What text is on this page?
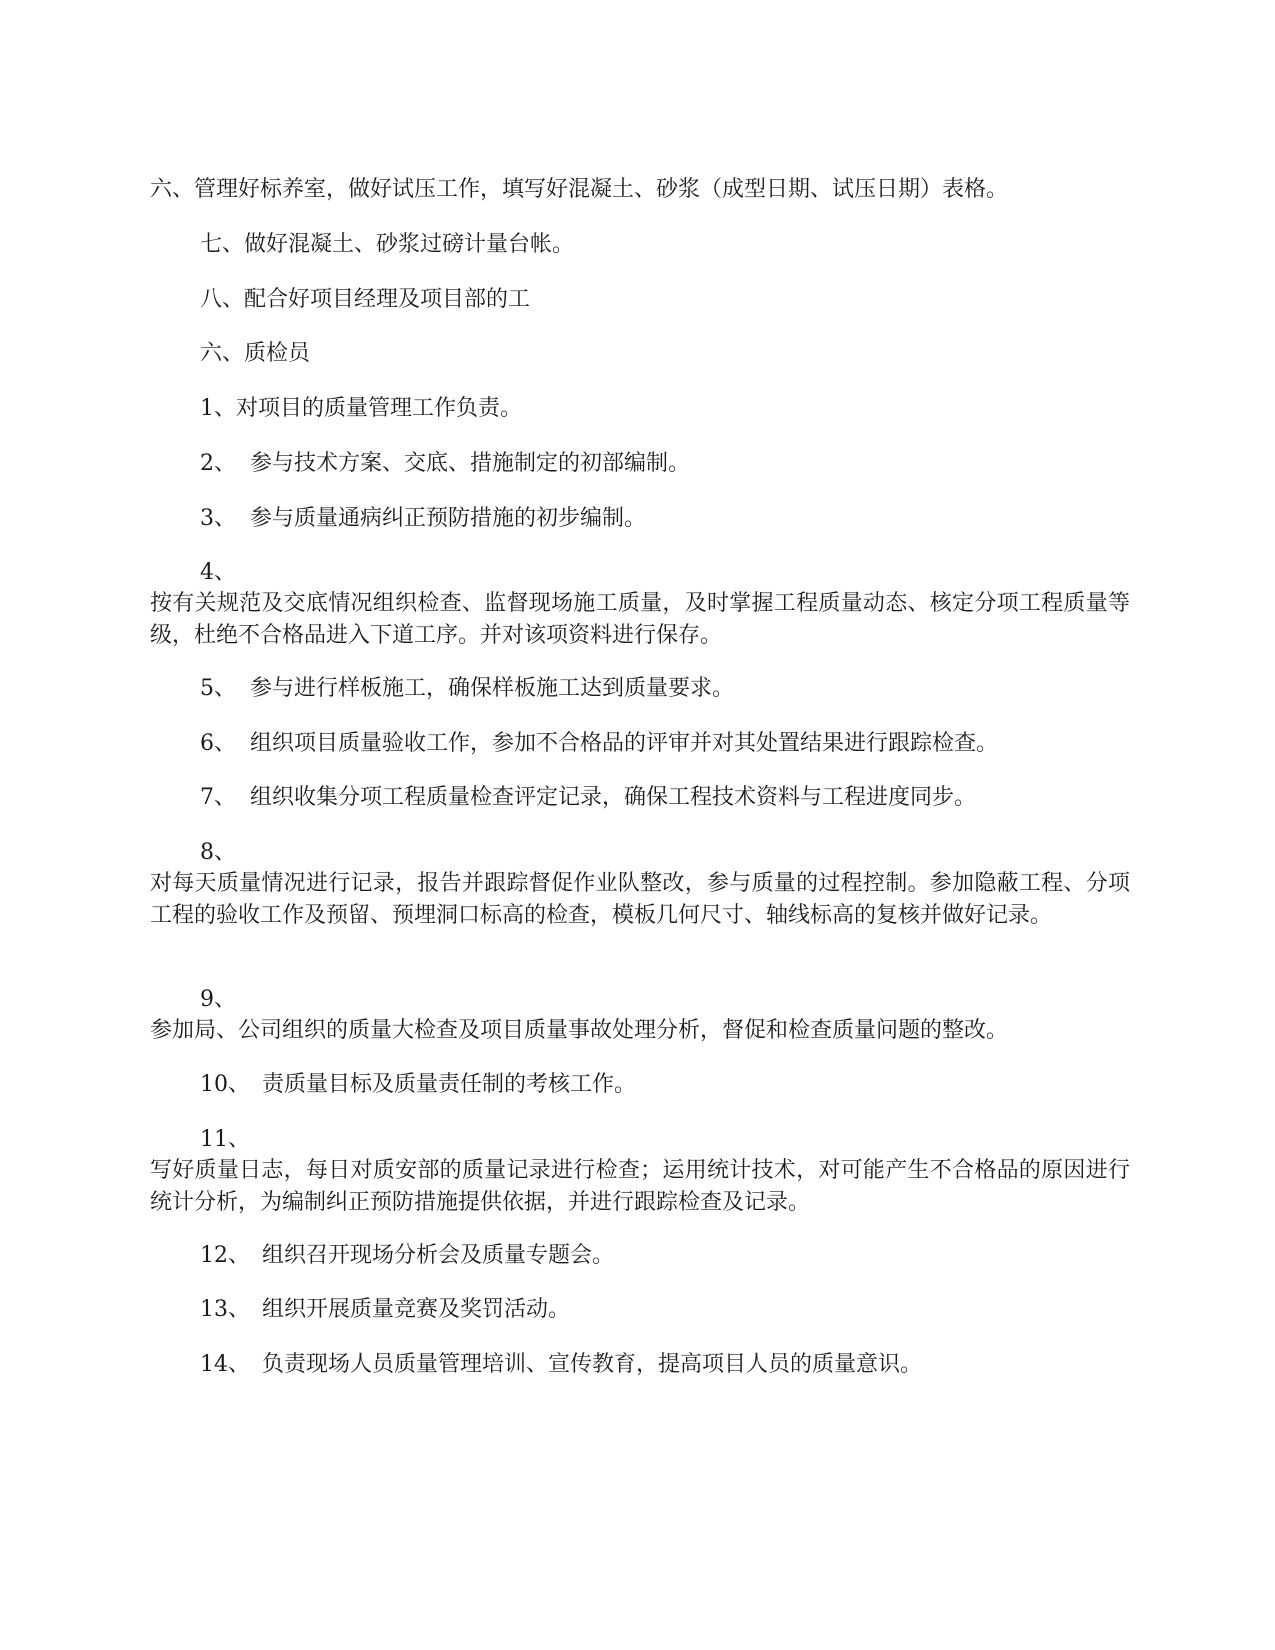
六、管理好标养室，做好试压工作，填写好混凝土、砂浆（成型日期、试压日期）表格。
七、做好混凝土、砂浆过磅计量台帐。
八、配合好项目经理及项目部的工
六、质检员
1、对项目的质量管理工作负责。
2、 参与技术方案、交底、措施制定的初部编制。
3、 参与质量通病纠正预防措施的初步编制。
4、
按有关规范及交底情况组织检查、监督现场施工质量，及时掌握工程质量动态、核定分项工程质量等级，杜绝不合格品进入下道工序。并对该项资料进行保存。
5、 参与进行样板施工，确保样板施工达到质量要求。
6、 组织项目质量验收工作，参加不合格品的评审并对其处置结果进行跟踪检查。
7、 组织收集分项工程质量检查评定记录，确保工程技术资料与工程进度同步。
8、
对每天质量情况进行记录，报告并跟踪督促作业队整改，参与质量的过程控制。参加隐蔽工程、分项工程的验收工作及预留、预埋洞口标高的检查，模板几何尺寸、轴线标高的复核并做好记录。
9、
参加局、公司组织的质量大检查及项目质量事故处理分析，督促和检查质量问题的整改。
10、 责质量目标及质量责任制的考核工作。
11、
写好质量日志，每日对质安部的质量记录进行检查；运用统计技术，对可能产生不合格品的原因进行统计分析，为编制纠正预防措施提供依据，并进行跟踪检查及记录。
12、 组织召开现场分析会及质量专题会。
13、 组织开展质量竞赛及奖罚活动。
14、 负责现场人员质量管理培训、宣传教育，提高项目人员的质量意识。
